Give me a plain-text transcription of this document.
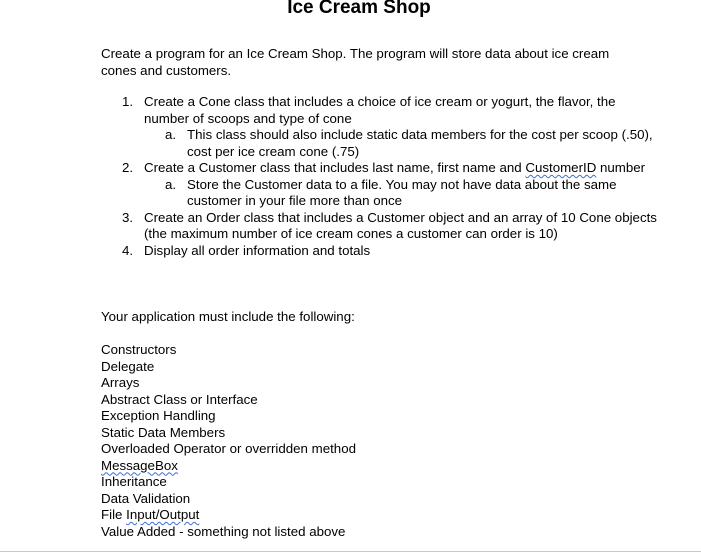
Ice Cream Shop
Create a program for an Ice Cream Shop. The program will store data about ice cream cones and customers.
1. Create a Cone class that includes a choice of ice cream or yogurt, the flavor, the number of scoops and type of cone
a. This class should also include static data members for the cost per scoop (.50), cost per ice cream cone (.75)
2. Create a Customer class that includes last name, first name and CustomerID number
a. Store the Customer data to a file. You may not have data about the same customer in your file more than once
3. Create an Order class that includes a Customer object and an array of 10 Cone objects (the maximum number of ice cream cones a customer can order is 10)
4. Display all order information and totals
Your application must include the following:
Constructors
Delegate
Arrays
Abstract Class or Interface
Exception Handling
Static Data Members
Overloaded Operator or overridden method
MessageBox
Inheritance
Data Validation
File Input/Output
Value Added - something not listed above
